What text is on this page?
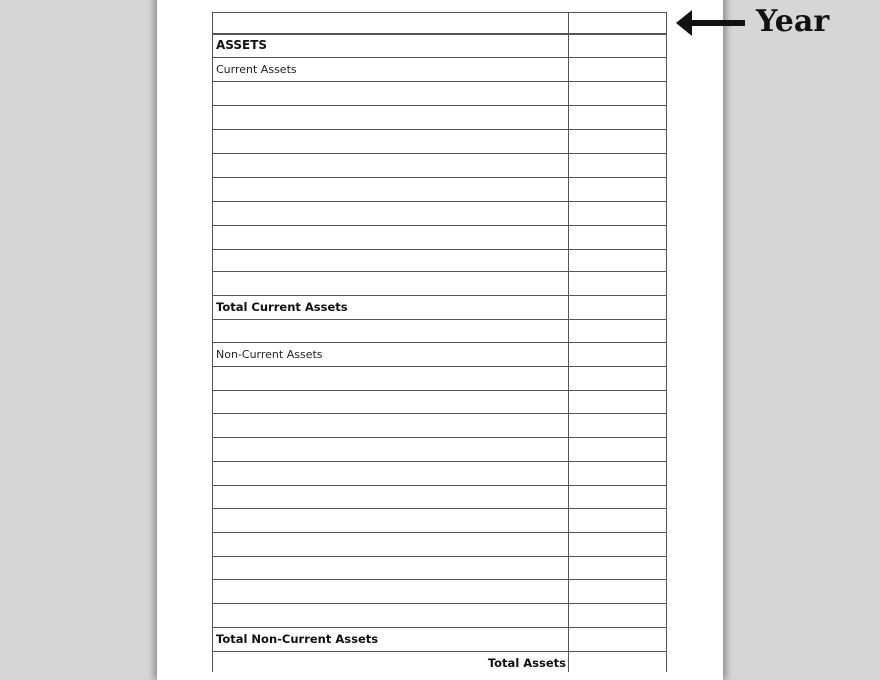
ASSETS
Current Assets
Total Current Assets
Non-Current Assets
Total Non-Current Assets
Total Assets
Year
